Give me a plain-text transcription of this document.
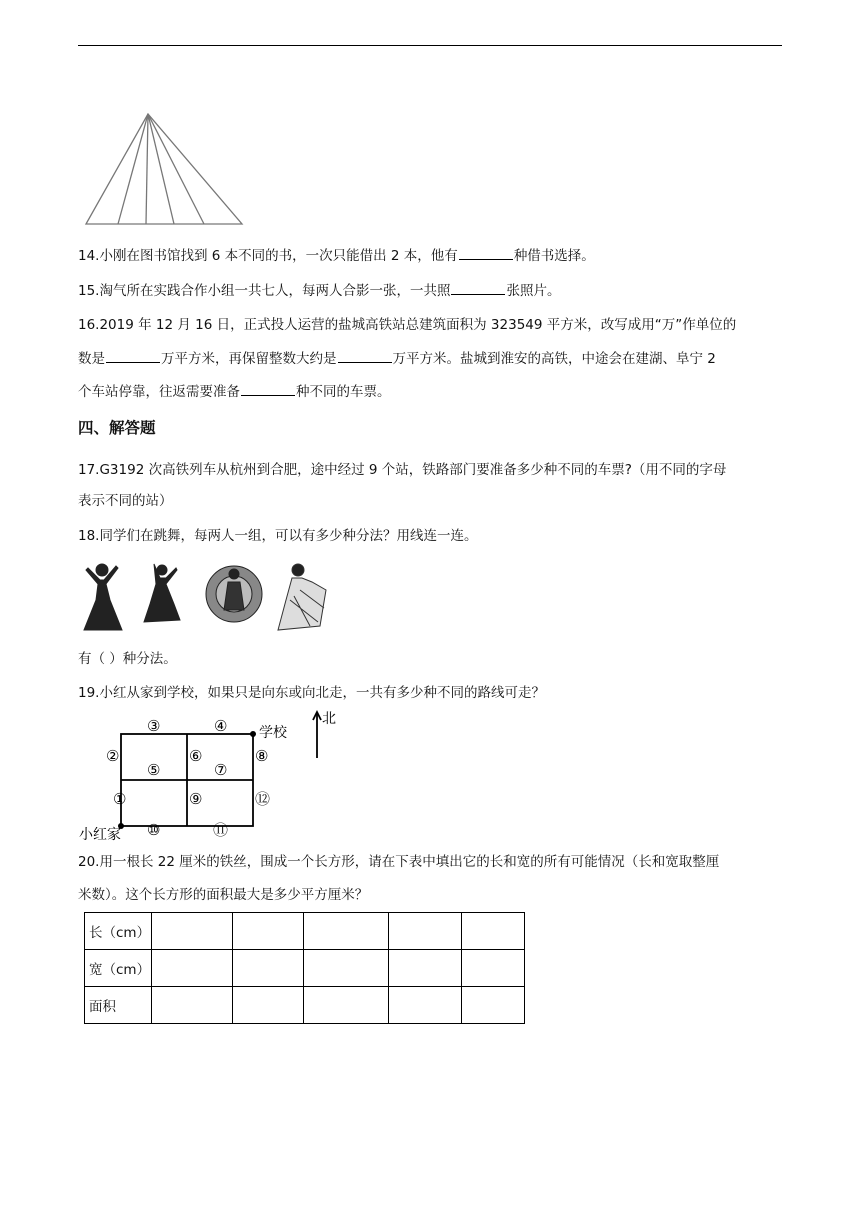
14.小刚在图书馆找到 6 本不同的书，一次只能借出 2 本，他有	种借书选择。
15.淘气所在实践合作小组一共七人，每两人合影一张，一共照	张照片。
16.2019 年 12 月 16 日，正式投人运营的盐城高铁站总建筑面积为 323549 平方米，改写成用“万”作单位的
数是	万平方米，再保留整数大约是	万平方米。盐城到淮安的高铁，中途会在建湖、阜宁 2
个车站停靠，往返需要准备	种不同的车票。
四、解答题
17.G3192 次高铁列车从杭州到合肥，途中经过 9 个站，铁路部门要准备多少种不同的车票?（用不同的字母
表示不同的站）
18.同学们在跳舞，每两人一组，可以有多少种分法？用线连一连。
有（ ）种分法。
19.小红从家到学校，如果只是向东或向北走，一共有多少种不同的路线可走？
①
②
③	④
⑤
⑥
⑦
⑧
⑨
⑩	⑪
⑫
学校
小红家
北
20.用一根长 22 厘米的铁丝，围成一个长方形，请在下表中填出它的长和宽的所有可能情况（长和宽取整厘
米数）。这个长方形的面积最大是多少平方厘米？
长（cm）					
宽（cm）					
面积					
